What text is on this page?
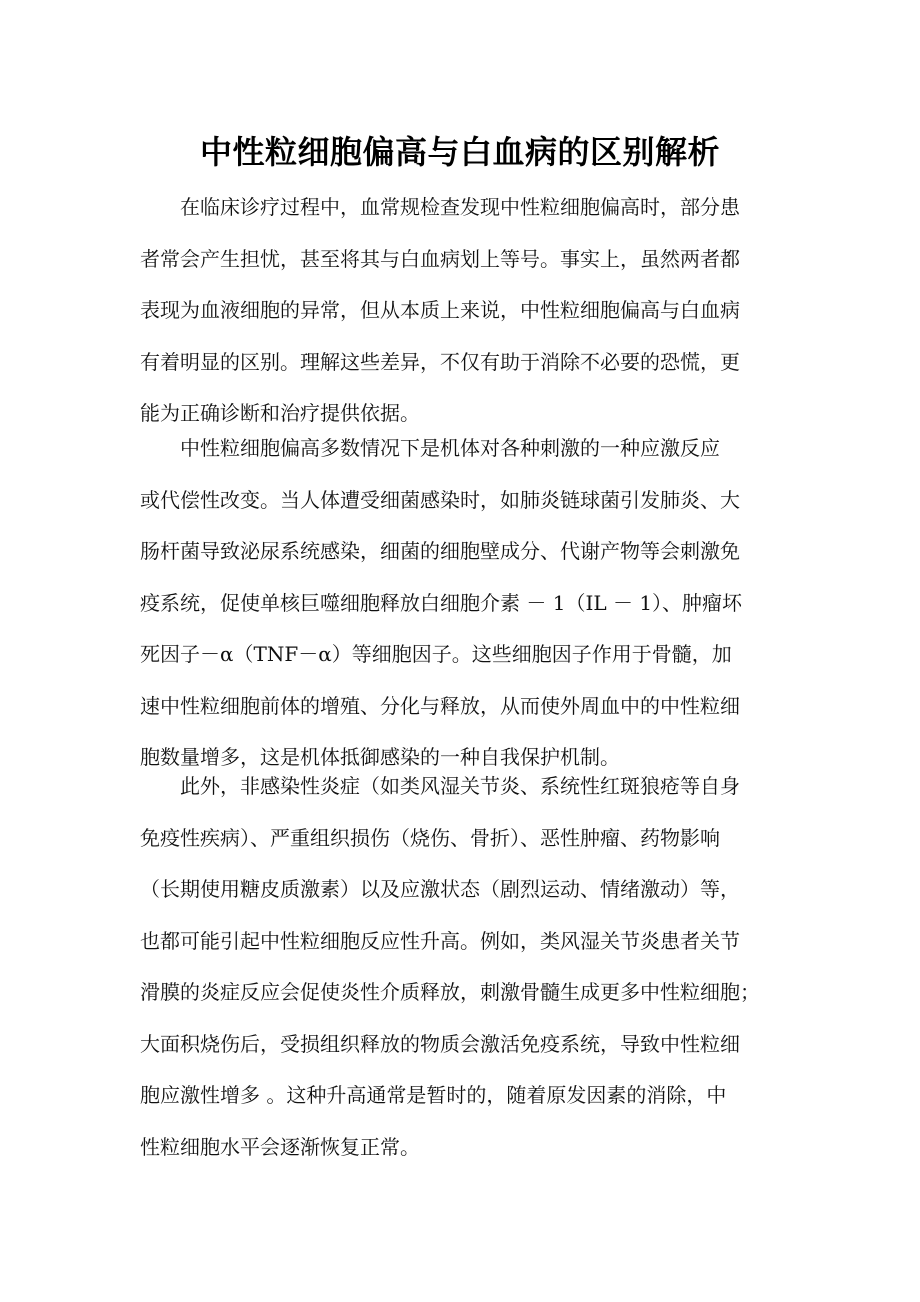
中性粒细胞偏高与白血病的区别解析
　　在临床诊疗过程中，血常规检查发现中性粒细胞偏高时，部分患
者常会产生担忧，甚至将其与白血病划上等号。事实上，虽然两者都
表现为血液细胞的异常，但从本质上来说，中性粒细胞偏高与白血病
有着明显的区别。理解这些差异，不仅有助于消除不必要的恐慌，更
能为正确诊断和治疗提供依据。
　　中性粒细胞偏高多数情况下是机体对各种刺激的一种应激反应
或代偿性改变。当人体遭受细菌感染时，如肺炎链球菌引发肺炎、大
肠杆菌导致泌尿系统感染，细菌的细胞壁成分、代谢产物等会刺激免
疫系统，促使单核巨噬细胞释放白细胞介素 － 1（IL － 1）、肿瘤坏
死因子－α（TNF－α）等细胞因子。这些细胞因子作用于骨髓，加
速中性粒细胞前体的增殖、分化与释放，从而使外周血中的中性粒细
胞数量增多，这是机体抵御感染的一种自我保护机制。
　　此外，非感染性炎症（如类风湿关节炎、系统性红斑狼疮等自身
免疫性疾病）、严重组织损伤（烧伤、骨折）、恶性肿瘤、药物影响
（长期使用糖皮质激素）以及应激状态（剧烈运动、情绪激动）等，
也都可能引起中性粒细胞反应性升高。例如，类风湿关节炎患者关节
滑膜的炎症反应会促使炎性介质释放，刺激骨髓生成更多中性粒细胞；
大面积烧伤后，受损组织释放的物质会激活免疫系统，导致中性粒细
胞应激性增多 。这种升高通常是暂时的，随着原发因素的消除，中
性粒细胞水平会逐渐恢复正常。
